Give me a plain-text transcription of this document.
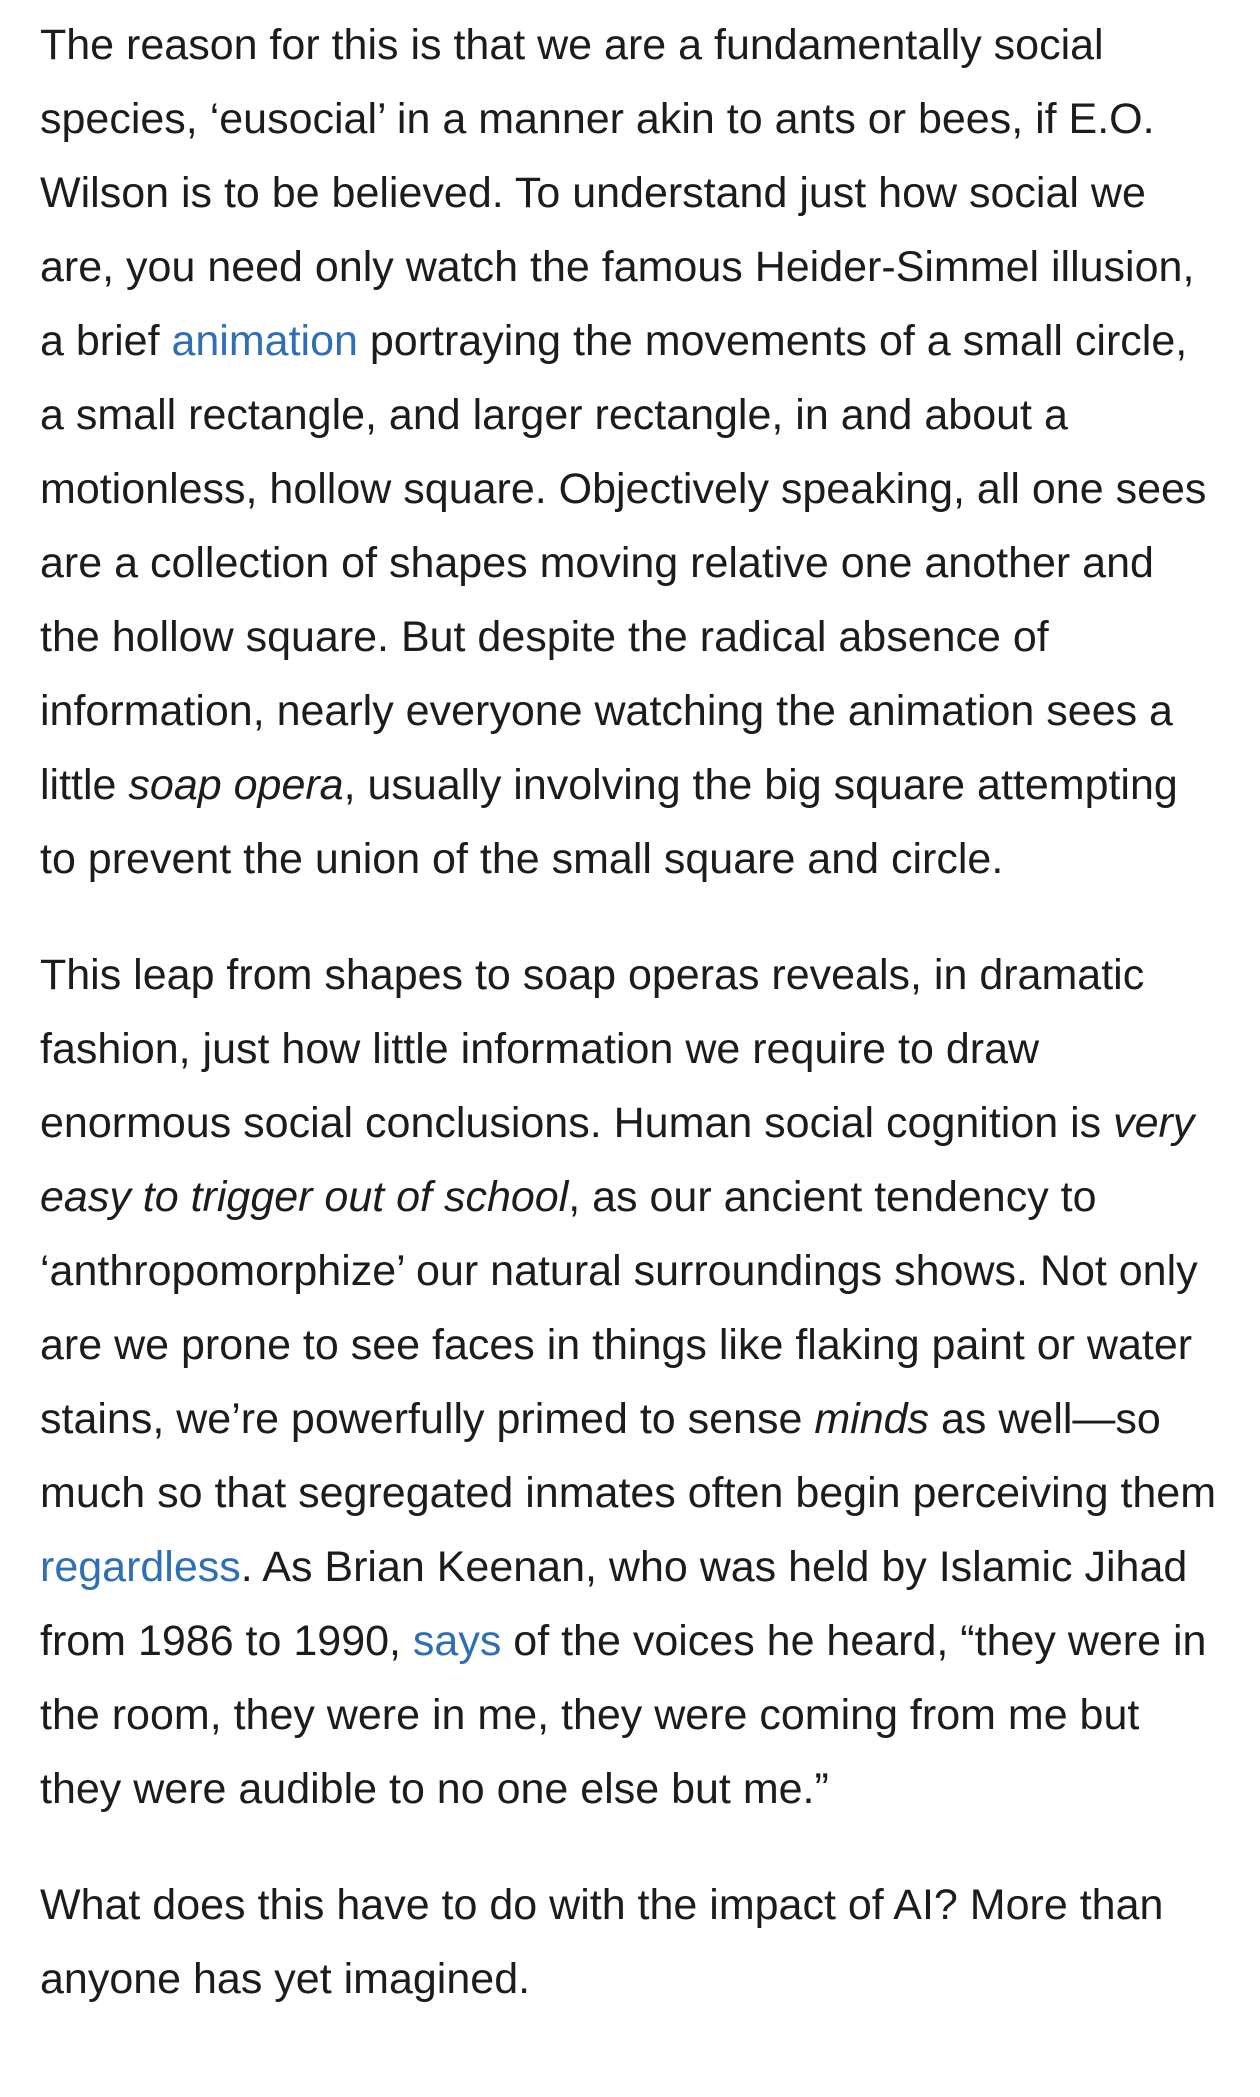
The reason for this is that we are a fundamentally social species, ‘eusocial’ in a manner akin to ants or bees, if E.O. Wilson is to be believed. To understand just how social we are, you need only watch the famous Heider-Simmel illusion, a brief animation portraying the movements of a small circle, a small rectangle, and larger rectangle, in and about a motionless, hollow square. Objectively speaking, all one sees are a collection of shapes moving relative one another and the hollow square. But despite the radical absence of information, nearly everyone watching the animation sees a little soap opera, usually involving the big square attempting to prevent the union of the small square and circle.

This leap from shapes to soap operas reveals, in dramatic fashion, just how little information we require to draw enormous social conclusions. Human social cognition is very easy to trigger out of school, as our ancient tendency to ‘anthropomorphize’ our natural surroundings shows. Not only are we prone to see faces in things like flaking paint or water stains, we’re powerfully primed to sense minds as well—so much so that segregated inmates often begin perceiving them regardless. As Brian Keenan, who was held by Islamic Jihad from 1986 to 1990, says of the voices he heard, “they were in the room, they were in me, they were coming from me but they were audible to no one else but me.”

What does this have to do with the impact of AI? More than anyone has yet imagined.
